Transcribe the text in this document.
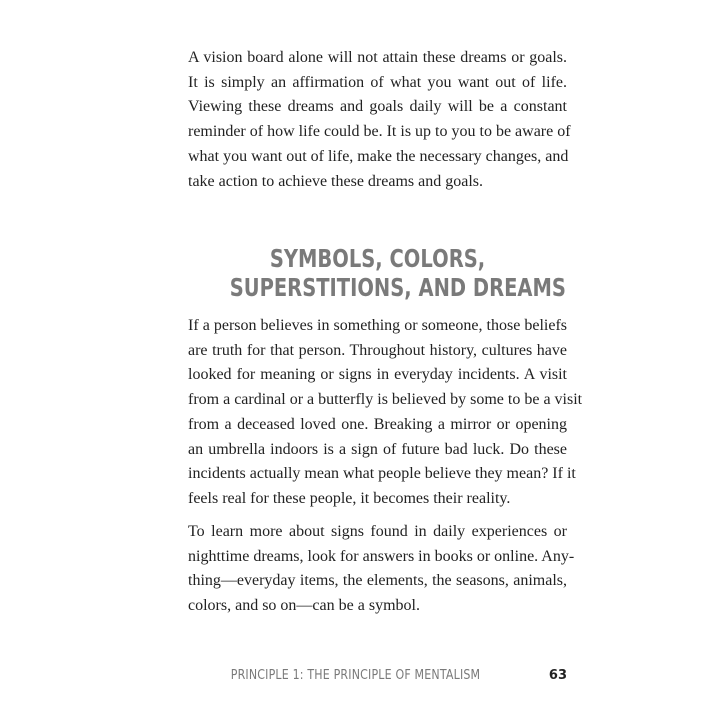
A vision board alone will not attain these dreams or goals.
It is simply an affirmation of what you want out of life.
Viewing these dreams and goals daily will be a constant
reminder of how life could be. It is up to you to be aware of
what you want out of life, make the necessary changes, and
take action to achieve these dreams and goals.

SYMBOLS, COLORS,
SUPERSTITIONS, AND DREAMS

If a person believes in something or someone, those beliefs
are truth for that person. Throughout history, cultures have
looked for meaning or signs in everyday incidents. A visit
from a cardinal or a butterfly is believed by some to be a visit
from a deceased loved one. Breaking a mirror or opening
an umbrella indoors is a sign of future bad luck. Do these
incidents actually mean what people believe they mean? If it
feels real for these people, it becomes their reality.

To learn more about signs found in daily experiences or
nighttime dreams, look for answers in books or online. Any-
thing—everyday items, the elements, the seasons, animals,
colors, and so on—can be a symbol.

PRINCIPLE 1: THE PRINCIPLE OF MENTALISM	63
